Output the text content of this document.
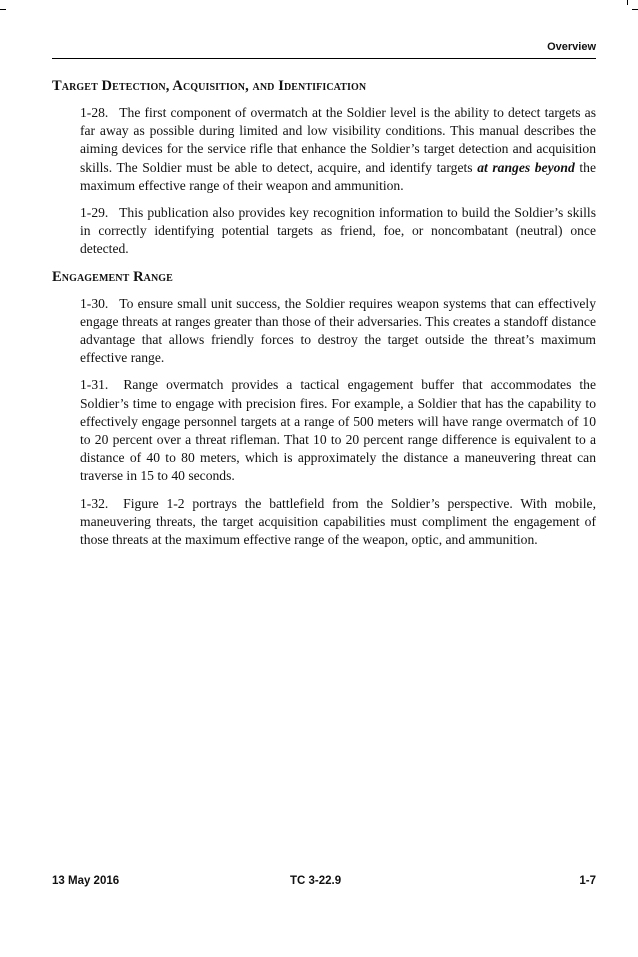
Overview
Target Detection, Acquisition, and Identification

1-28. The first component of overmatch at the Soldier level is the ability to detect targets as far away as possible during limited and low visibility conditions. This manual describes the aiming devices for the service rifle that enhance the Soldier’s target detection and acquisition skills. The Soldier must be able to detect, acquire, and identify targets at ranges beyond the maximum effective range of their weapon and ammunition.

1-29. This publication also provides key recognition information to build the Soldier’s skills in correctly identifying potential targets as friend, foe, or noncombatant (neutral) once detected.

Engagement Range

1-30. To ensure small unit success, the Soldier requires weapon systems that can effectively engage threats at ranges greater than those of their adversaries. This creates a standoff distance advantage that allows friendly forces to destroy the target outside the threat’s maximum effective range.

1-31. Range overmatch provides a tactical engagement buffer that accommodates the Soldier’s time to engage with precision fires. For example, a Soldier that has the capability to effectively engage personnel targets at a range of 500 meters will have range overmatch of 10 to 20 percent over a threat rifleman. That 10 to 20 percent range difference is equivalent to a distance of 40 to 80 meters, which is approximately the distance a maneuvering threat can traverse in 15 to 40 seconds.

1-32. Figure 1-2 portrays the battlefield from the Soldier’s perspective. With mobile, maneuvering threats, the target acquisition capabilities must compliment the engagement of those threats at the maximum effective range of the weapon, optic, and ammunition.

13 May 2016	TC 3-22.9	1-7
